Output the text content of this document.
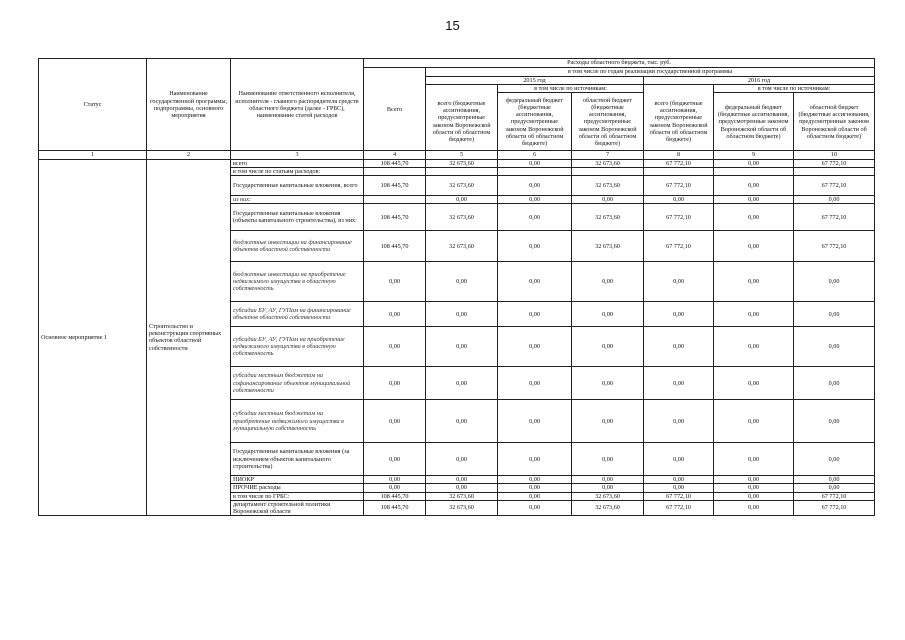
15
Статус	Наименование государственной программы, подпрограммы, основного мероприятия	Наименование ответственного исполнителя, исполнителя - главного распорядителя средств областного бюджета (далее - ГРБС), наименование статей расходов	Расходы областного бюджета, тыс. руб.						
			Всего	в том числе по годам реализации государственной программы					
				2015 год			2016 год		
					в том числе по источникам:			в том числе по источникам:	
				всего (бюджетные ассигнования, предусмотренные законом Воронежской области об областном бюджете)	федеральный бюджет (бюджетные ассигнования, предусмотренные законом Воронежской области об областном бюджете)	областной бюджет (бюджетные ассигнования, предусмотренные законом Воронежской области об областном бюджете)	всего (бюджетные ассигнования, предусмотренные законом Воронежской области об областном бюджете)	федеральный бюджет (бюджетные ассигнования, предусмотренные законом Воронежской области об областном бюджете)	областной бюджет (бюджетные ассигнования, предусмотренные законом Воронежской области об областном бюджете)
1	2	3	4	5	6	7	8	9	10
Основное мероприятие 1	Строительство и реконструкция спортивных объектов областной собственности	всего	108 445,70	32 673,60	0,00	32 673,60	67 772,10	0,00	67 772,10
		в том числе по статьям расходов:							
		Государственные капитальные вложения, всего	108 445,70	32 673,60	0,00	32 673,60	67 772,10	0,00	67 772,10
		из них:		0,00	0,00	0,00	0,00	0,00	0,00
		Государственные капитальные вложения (объекты капитального строительства), из них:	108 445,70	32 673,60	0,00	32 673,60	67 772,10	0,00	67 772,10
		бюджетные инвестиции на финансирование объектов областной собственности	108 445,70	32 673,60	0,00	32 673,60	67 772,10	0,00	67 772,10
		бюджетные инвестиции на приобретение недвижимого имущества в областную собственность	0,00	0,00	0,00	0,00	0,00	0,00	0,00
		субсидии БУ, АУ, ГУПам на финансирование объектов областной собственности	0,00	0,00	0,00	0,00	0,00	0,00	0,00
		субсидии БУ, АУ, ГУПам на приобретение недвижимого имущества в областную собственность	0,00	0,00	0,00	0,00	0,00	0,00	0,00
		субсидии местным бюджетам на софинансирование объектов муниципальной собственности	0,00	0,00	0,00	0,00	0,00	0,00	0,00
		субсидии местным бюджетам на приобретение недвижимого имущества в муниципальную собственность	0,00	0,00	0,00	0,00	0,00	0,00	0,00
		Государственные капитальные вложения (за исключением объектов капитального строительства)	0,00	0,00	0,00	0,00	0,00	0,00	0,00
		НИОКР	0,00	0,00	0,00	0,00	0,00	0,00	0,00
		ПРОЧИЕ расходы	0,00	0,00	0,00	0,00	0,00	0,00	0,00
		в том числе по ГРБС:	108 445,70	32 673,60	0,00	32 673,60	67 772,10	0,00	67 772,10
		департамент строительной политики Воронежской области	108 445,70	32 673,60	0,00	32 673,60	67 772,10	0,00	67 772,10
